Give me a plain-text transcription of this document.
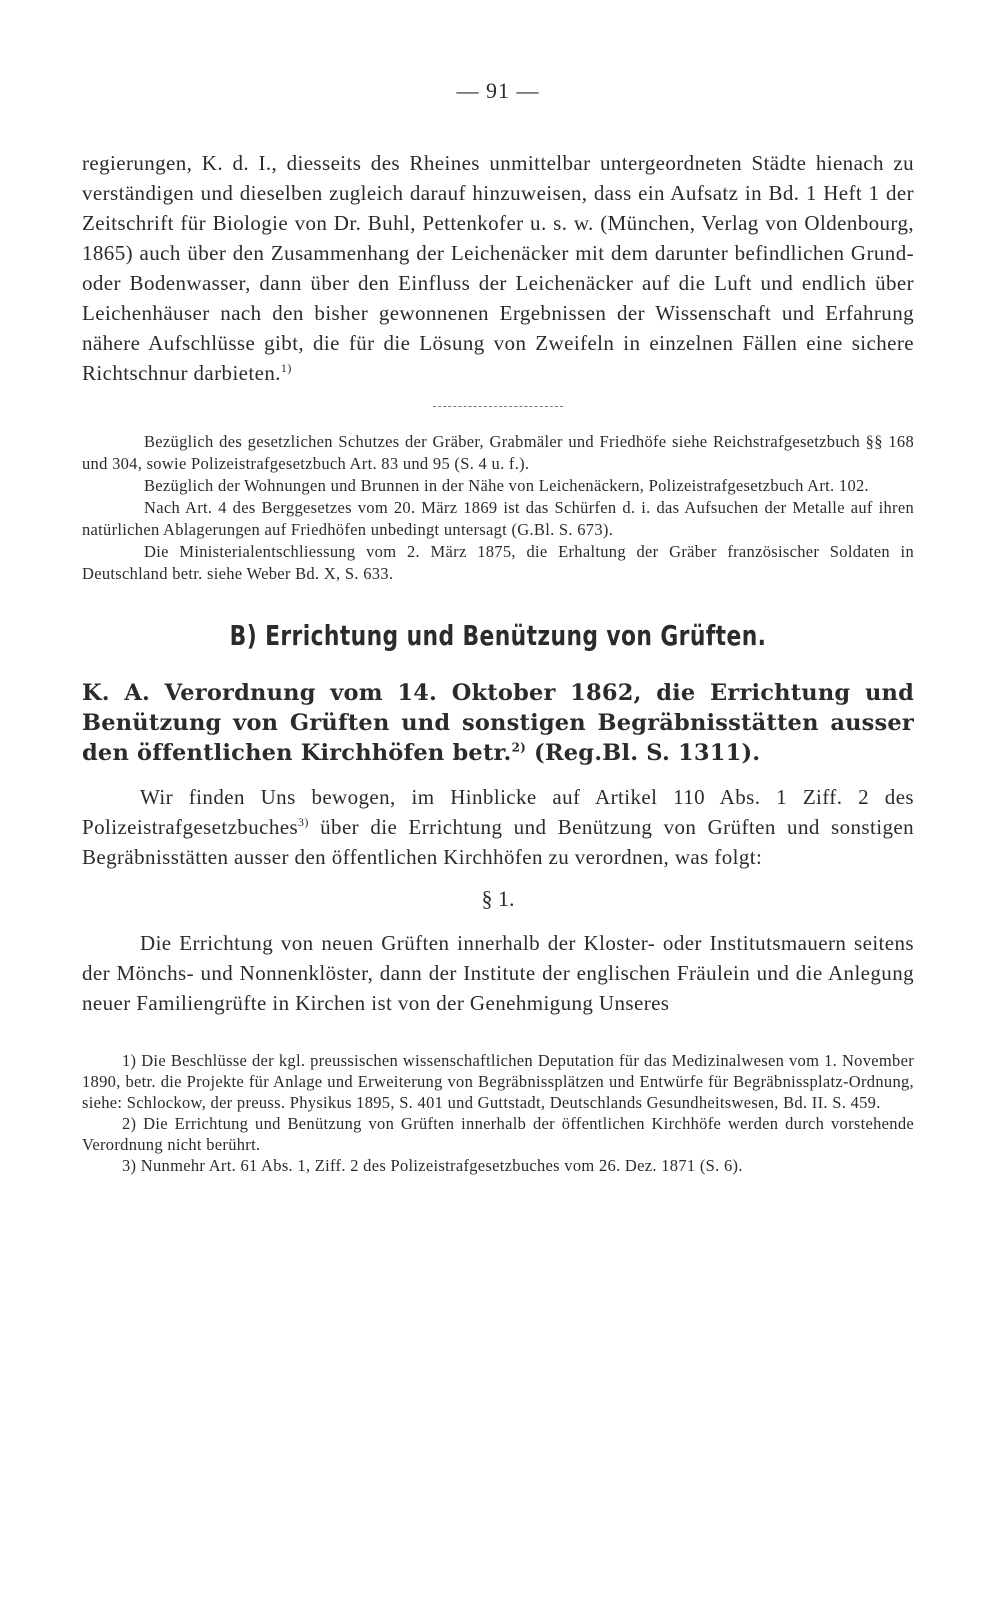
— 91 —

regierungen, K. d. I., diesseits des Rheines unmittelbar untergeordneten Städte hienach zu verständigen und dieselben zugleich darauf hinzuweisen, dass ein Aufsatz in Bd. 1 Heft 1 der Zeitschrift für Biologie von Dr. Buhl, Pettenkofer u. s. w. (München, Verlag von Oldenbourg, 1865) auch über den Zusammenhang der Leichenäcker mit dem darunter befindlichen Grund- oder Bodenwasser, dann über den Einfluss der Leichenäcker auf die Luft und endlich über Leichenhäuser nach den bisher gewonnenen Ergebnissen der Wissenschaft und Erfahrung nähere Aufschlüsse gibt, die für die Lösung von Zweifeln in einzelnen Fällen eine sichere Richtschnur darbieten.$^{1)}$

Bezüglich des gesetzlichen Schutzes der Gräber, Grabmäler und Friedhöfe siehe Reichstrafgesetzbuch §§ 168 und 304, sowie Polizeistrafgesetzbuch Art. 83 und 95 (S. 4 u. f.).

Bezüglich der Wohnungen und Brunnen in der Nähe von Leichenäckern, Polizeistrafgesetzbuch Art. 102.

Nach Art. 4 des Berggesetzes vom 20. März 1869 ist das Schürfen d. i. das Aufsuchen der Metalle auf ihren natürlichen Ablagerungen auf Friedhöfen unbedingt untersagt (G.Bl. S. 673).

Die Ministerialentschliessung vom 2. März 1875, die Erhaltung der Gräber französischer Soldaten in Deutschland betr. siehe Weber Bd. X, S. 633.

B) Errichtung und Benützung von Grüften.

K. A. Verordnung vom 14. Oktober 1862, die Errichtung und Benützung von Grüften und sonstigen Begräbnisstätten ausser den öffentlichen Kirchhöfen betr.$^{2)}$ (Reg.Bl. S. 1311).

Wir finden Uns bewogen, im Hinblicke auf Artikel 110 Abs. 1 Ziff. 2 des Polizeistrafgesetzbuches$^{3)}$ über die Errichtung und Benützung von Grüften und sonstigen Begräbnisstätten ausser den öffentlichen Kirchhöfen zu verordnen, was folgt:

§ 1.

Die Errichtung von neuen Grüften innerhalb der Kloster- oder Institutsmauern seitens der Mönchs- und Nonnenklöster, dann der Institute der englischen Fräulein und die Anlegung neuer Familiengrüfte in Kirchen ist von der Genehmigung Unseres

1) Die Beschlüsse der kgl. preussischen wissenschaftlichen Deputation für das Medizinalwesen vom 1. November 1890, betr. die Projekte für Anlage und Erweiterung von Begräbnissplätzen und Entwürfe für Begräbnissplatz-Ordnung, siehe: Schlockow, der preuss. Physikus 1895, S. 401 und Guttstadt, Deutschlands Gesundheitswesen, Bd. II. S. 459.

2) Die Errichtung und Benützung von Grüften innerhalb der öffentlichen Kirchhöfe werden durch vorstehende Verordnung nicht berührt.

3) Nunmehr Art. 61 Abs. 1, Ziff. 2 des Polizeistrafgesetzbuches vom 26. Dez. 1871 (S. 6).
